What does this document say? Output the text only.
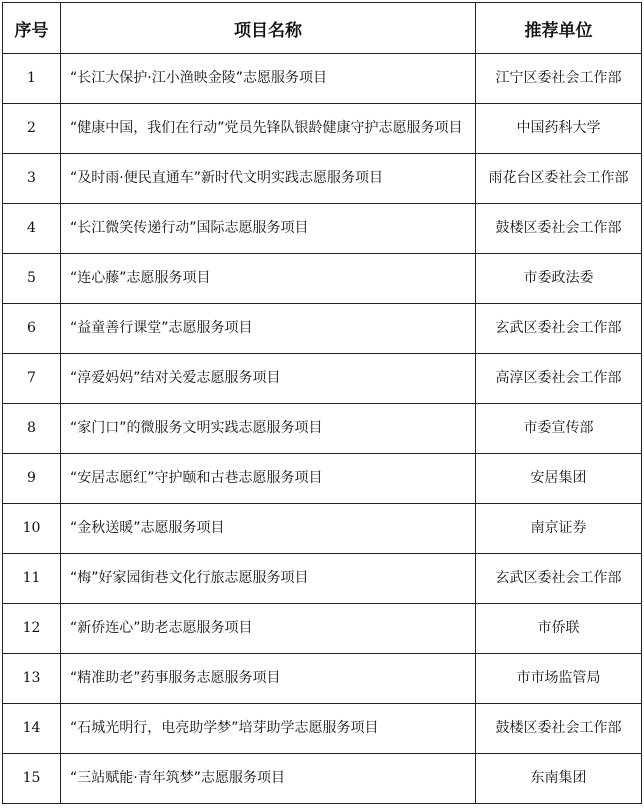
序号	项目名称	推荐单位
1	“长江大保护·江小渔映金陵”志愿服务项目	江宁区委社会工作部
2	“健康中国，我们在行动”党员先锋队银龄健康守护志愿服务项目	中国药科大学
3	“及时雨·便民直通车”新时代文明实践志愿服务项目	雨花台区委社会工作部
4	“长江微笑传递行动”国际志愿服务项目	鼓楼区委社会工作部
5	“连心藤”志愿服务项目	市委政法委
6	“益童善行课堂”志愿服务项目	玄武区委社会工作部
7	“淳爱妈妈”结对关爱志愿服务项目	高淳区委社会工作部
8	“家门口”的微服务文明实践志愿服务项目	市委宣传部
9	“安居志愿红”守护颐和古巷志愿服务项目	安居集团
10	“金秋送暖”志愿服务项目	南京证券
11	“梅”好家园街巷文化行旅志愿服务项目	玄武区委社会工作部
12	“新侨连心”助老志愿服务项目	市侨联
13	“精准助老”药事服务志愿服务项目	市市场监管局
14	“石城光明行，电亮助学梦”培芽助学志愿服务项目	鼓楼区委社会工作部
15	“三站赋能·青年筑梦”志愿服务项目	东南集团
